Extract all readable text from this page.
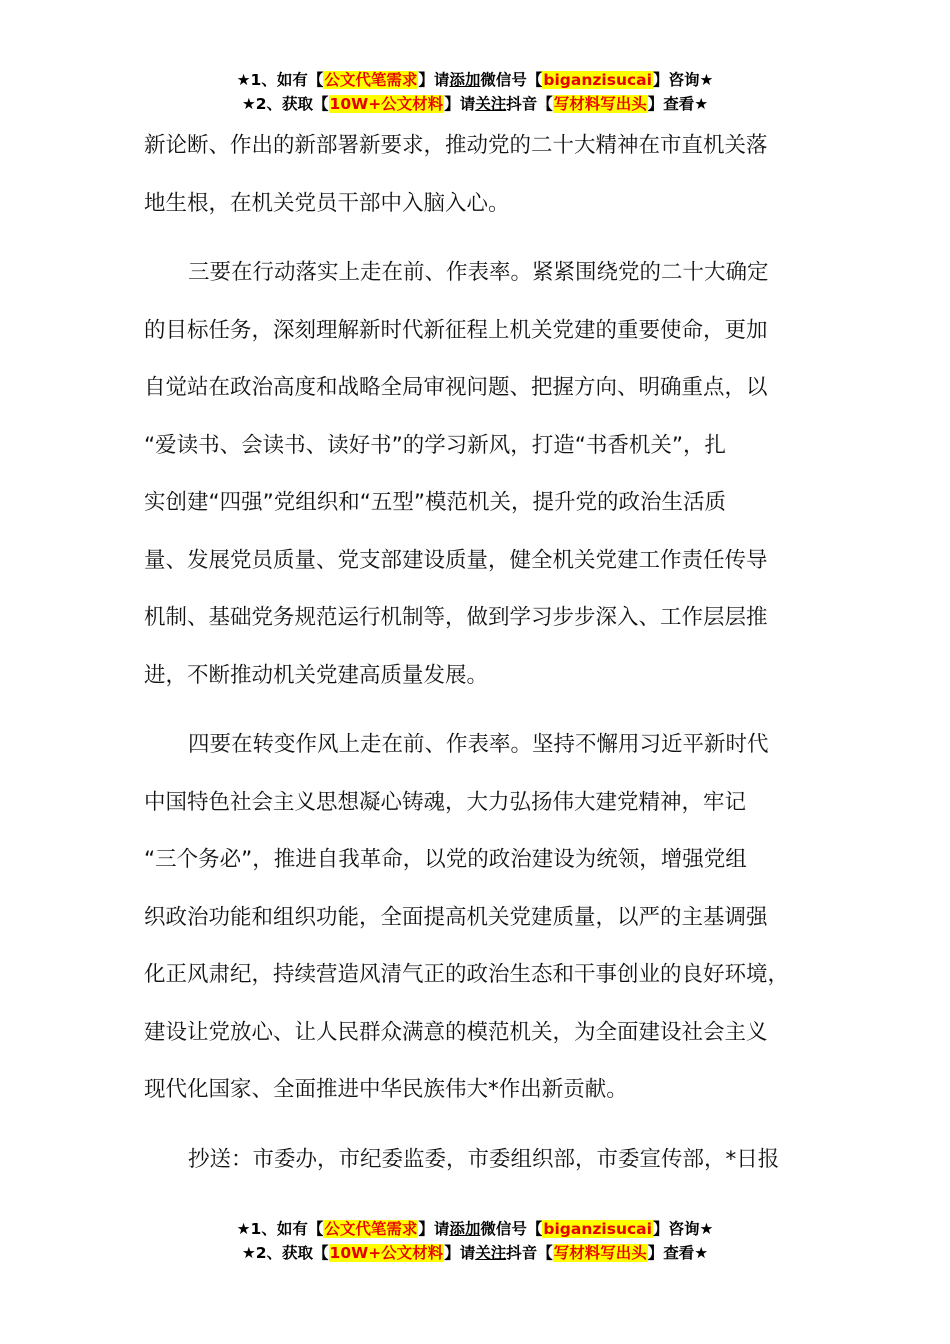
★1、如有【公文代笔需求】请添加微信号【biganzisucai】咨询★
★2、获取【10W+公文材料】请关注抖音【写材料写出头】查看★
新论断、作出的新部署新要求，推动党的二十大精神在市直机关落
地生根，在机关党员干部中入脑入心。
三要在行动落实上走在前、作表率。紧紧围绕党的二十大确定
的目标任务，深刻理解新时代新征程上机关党建的重要使命，更加
自觉站在政治高度和战略全局审视问题、把握方向、明确重点，以
“爱读书、会读书、读好书”的学习新风，打造“书香机关”，扎
实创建“四强”党组织和“五型”模范机关，提升党的政治生活质
量、发展党员质量、党支部建设质量，健全机关党建工作责任传导
机制、基础党务规范运行机制等，做到学习步步深入、工作层层推
进，不断推动机关党建高质量发展。
四要在转变作风上走在前、作表率。坚持不懈用习近平新时代
中国特色社会主义思想凝心铸魂，大力弘扬伟大建党精神，牢记
“三个务必”，推进自我革命，以党的政治建设为统领，增强党组
织政治功能和组织功能，全面提高机关党建质量，以严的主基调强
化正风肃纪，持续营造风清气正的政治生态和干事创业的良好环境，
建设让党放心、让人民群众满意的模范机关，为全面建设社会主义
现代化国家、全面推进中华民族伟大*作出新贡献。
抄送：市委办，市纪委监委，市委组织部，市委宣传部，*日报
★1、如有【公文代笔需求】请添加微信号【biganzisucai】咨询★
★2、获取【10W+公文材料】请关注抖音【写材料写出头】查看★
